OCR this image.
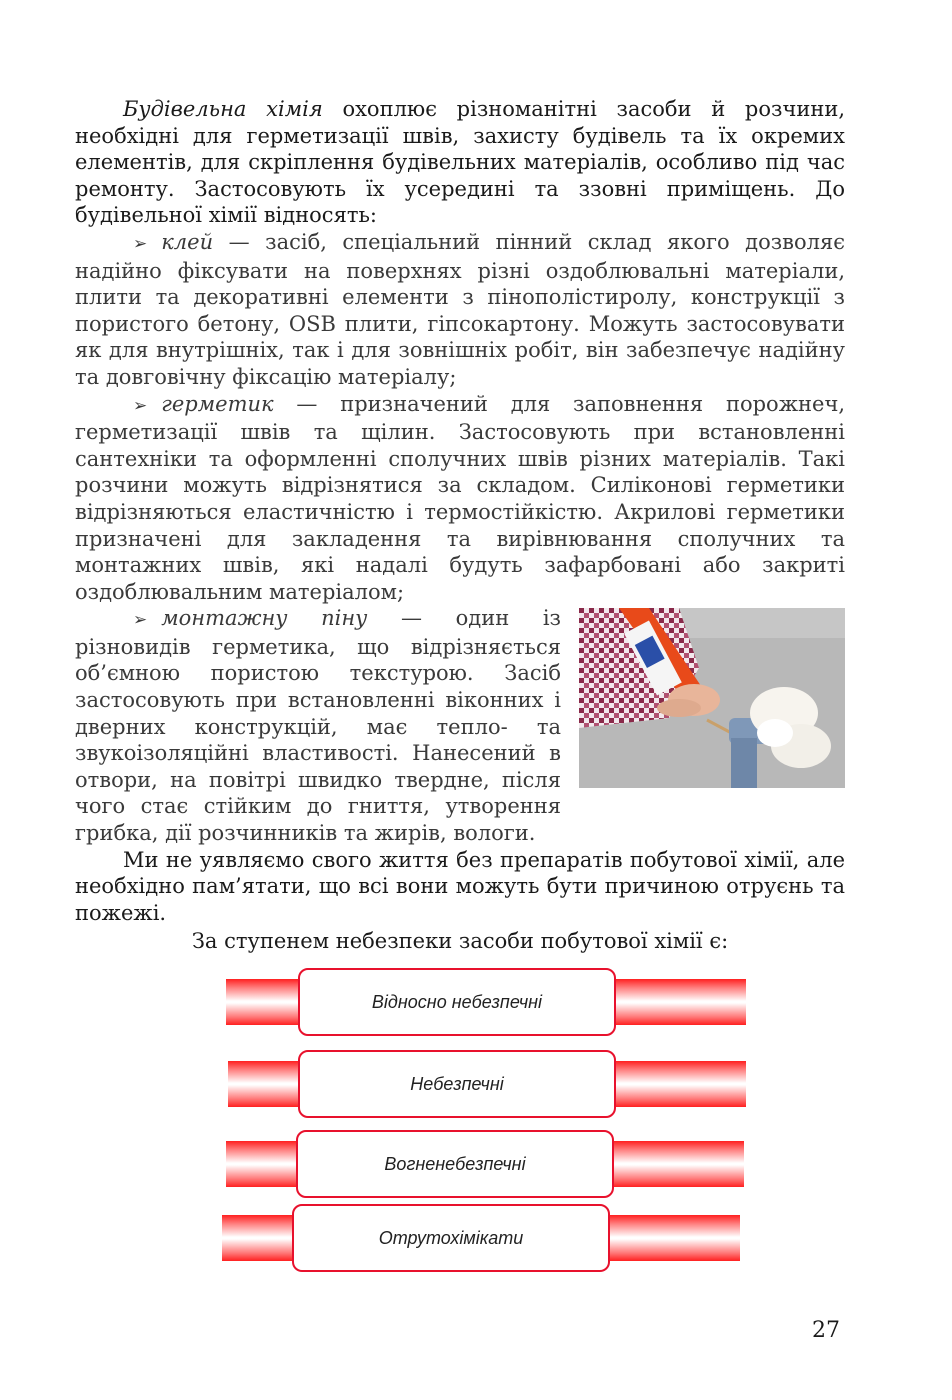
Будівельна хімія охоплює різноманітні засоби й розчини, необхідні для герметизації швів, захисту будівель та їх окремих елементів, для скріплення будівельних матеріалів, особливо під час ремонту. Застосовують їх усередині та ззовні приміщень. До будівельної хімії відносять:

➢ клей — засіб, спеціальний пінний склад якого дозволяє надійно фіксувати на поверхнях різні оздоблювальні матеріали, плити та декоративні елементи з пінополістиролу, конструкції з пористого бетону, OSB плити, гіпсокартону. Можуть застосовувати як для внутрішніх, так і для зовнішніх робіт, він забезпечує надійну та довговічну фіксацію матеріалу;

➢ герметик — призначений для заповнення порожнеч, герметизації швів та щілин. Застосовують при встановленні сантехніки та оформленні сполучних швів різних матеріалів. Такі розчини можуть відрізнятися за складом. Силіконові герметики відрізняються еластичністю і термостійкістю. Акрилові герметики призначені для закладення та вирівнювання сполучних та монтажних швів, які надалі будуть зафарбовані або закриті оздоблювальним матеріалом;

➢ монтажну піну — один із різновидів герметика, що відрізняється об’ємною пористою текстурою. Засіб застосовують при встановленні віконних і дверних конструкцій, має тепло- та звукоізоляційні властивості. Нанесений в отвори, на повітрі швидко твердне, після чого стає стійким до гниття, утворення грибка, дії розчинників та жирів, вологи.

Ми не уявляємо свого життя без препаратів побутової хімії, але необхідно пам’ятати, що всі вони можуть бути причиною отруєнь та пожежі.

За ступенем небезпеки засоби побутової хімії є:

Відносно небезпечні
Небезпечні
Вогненебезпечні
Отрутохімікати
27
